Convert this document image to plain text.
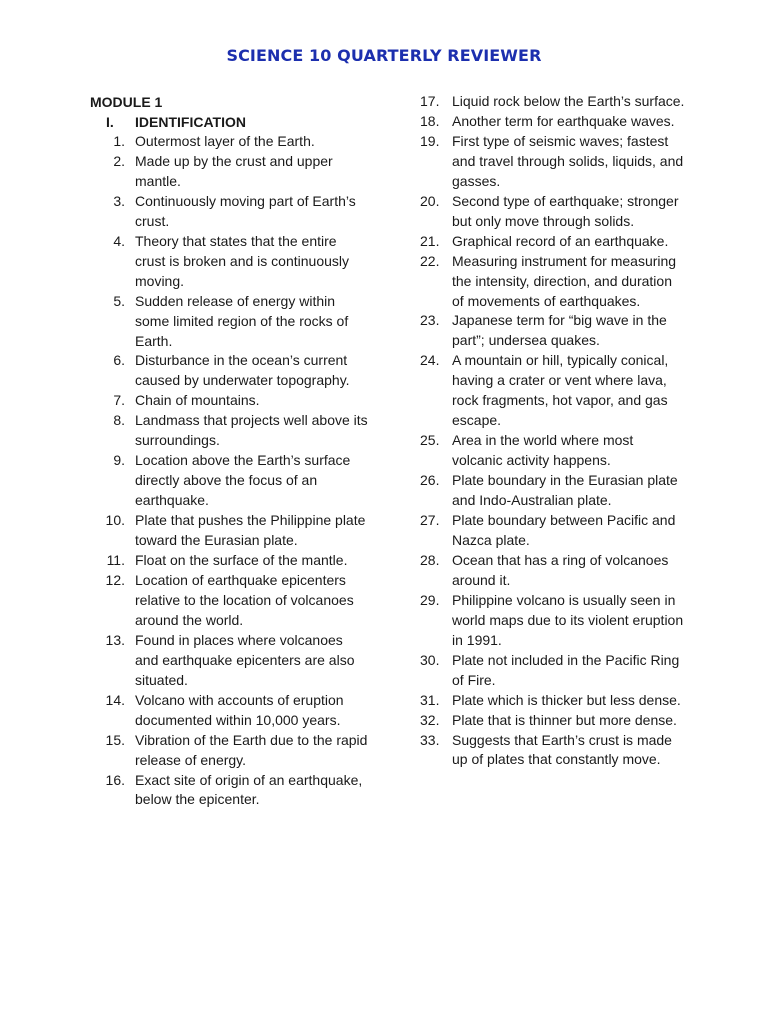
SCIENCE 10 QUARTERLY REVIEWER
MODULE 1
I.	IDENTIFICATION
1. Outermost layer of the Earth.
2. Made up by the crust and upper mantle.
3. Continuously moving part of Earth’s crust.
4. Theory that states that the entire crust is broken and is continuously moving.
5. Sudden release of energy within some limited region of the rocks of Earth.
6. Disturbance in the ocean’s current caused by underwater topography.
7. Chain of mountains.
8. Landmass that projects well above its surroundings.
9. Location above the Earth’s surface directly above the focus of an earthquake.
10. Plate that pushes the Philippine plate toward the Eurasian plate.
11. Float on the surface of the mantle.
12. Location of earthquake epicenters relative to the location of volcanoes around the world.
13. Found in places where volcanoes and earthquake epicenters are also situated.
14. Volcano with accounts of eruption documented within 10,000 years.
15. Vibration of the Earth due to the rapid release of energy.
16. Exact site of origin of an earthquake, below the epicenter.
17. Liquid rock below the Earth’s surface.
18. Another term for earthquake waves.
19. First type of seismic waves; fastest and travel through solids, liquids, and gasses.
20. Second type of earthquake; stronger but only move through solids.
21. Graphical record of an earthquake.
22. Measuring instrument for measuring the intensity, direction, and duration of movements of earthquakes.
23. Japanese term for “big wave in the part”; undersea quakes.
24. A mountain or hill, typically conical, having a crater or vent where lava, rock fragments, hot vapor, and gas escape.
25. Area in the world where most volcanic activity happens.
26. Plate boundary in the Eurasian plate and Indo-Australian plate.
27. Plate boundary between Pacific and Nazca plate.
28. Ocean that has a ring of volcanoes around it.
29. Philippine volcano is usually seen in world maps due to its violent eruption in 1991.
30. Plate not included in the Pacific Ring of Fire.
31. Plate which is thicker but less dense.
32. Plate that is thinner but more dense.
33. Suggests that Earth’s crust is made up of plates that constantly move.
